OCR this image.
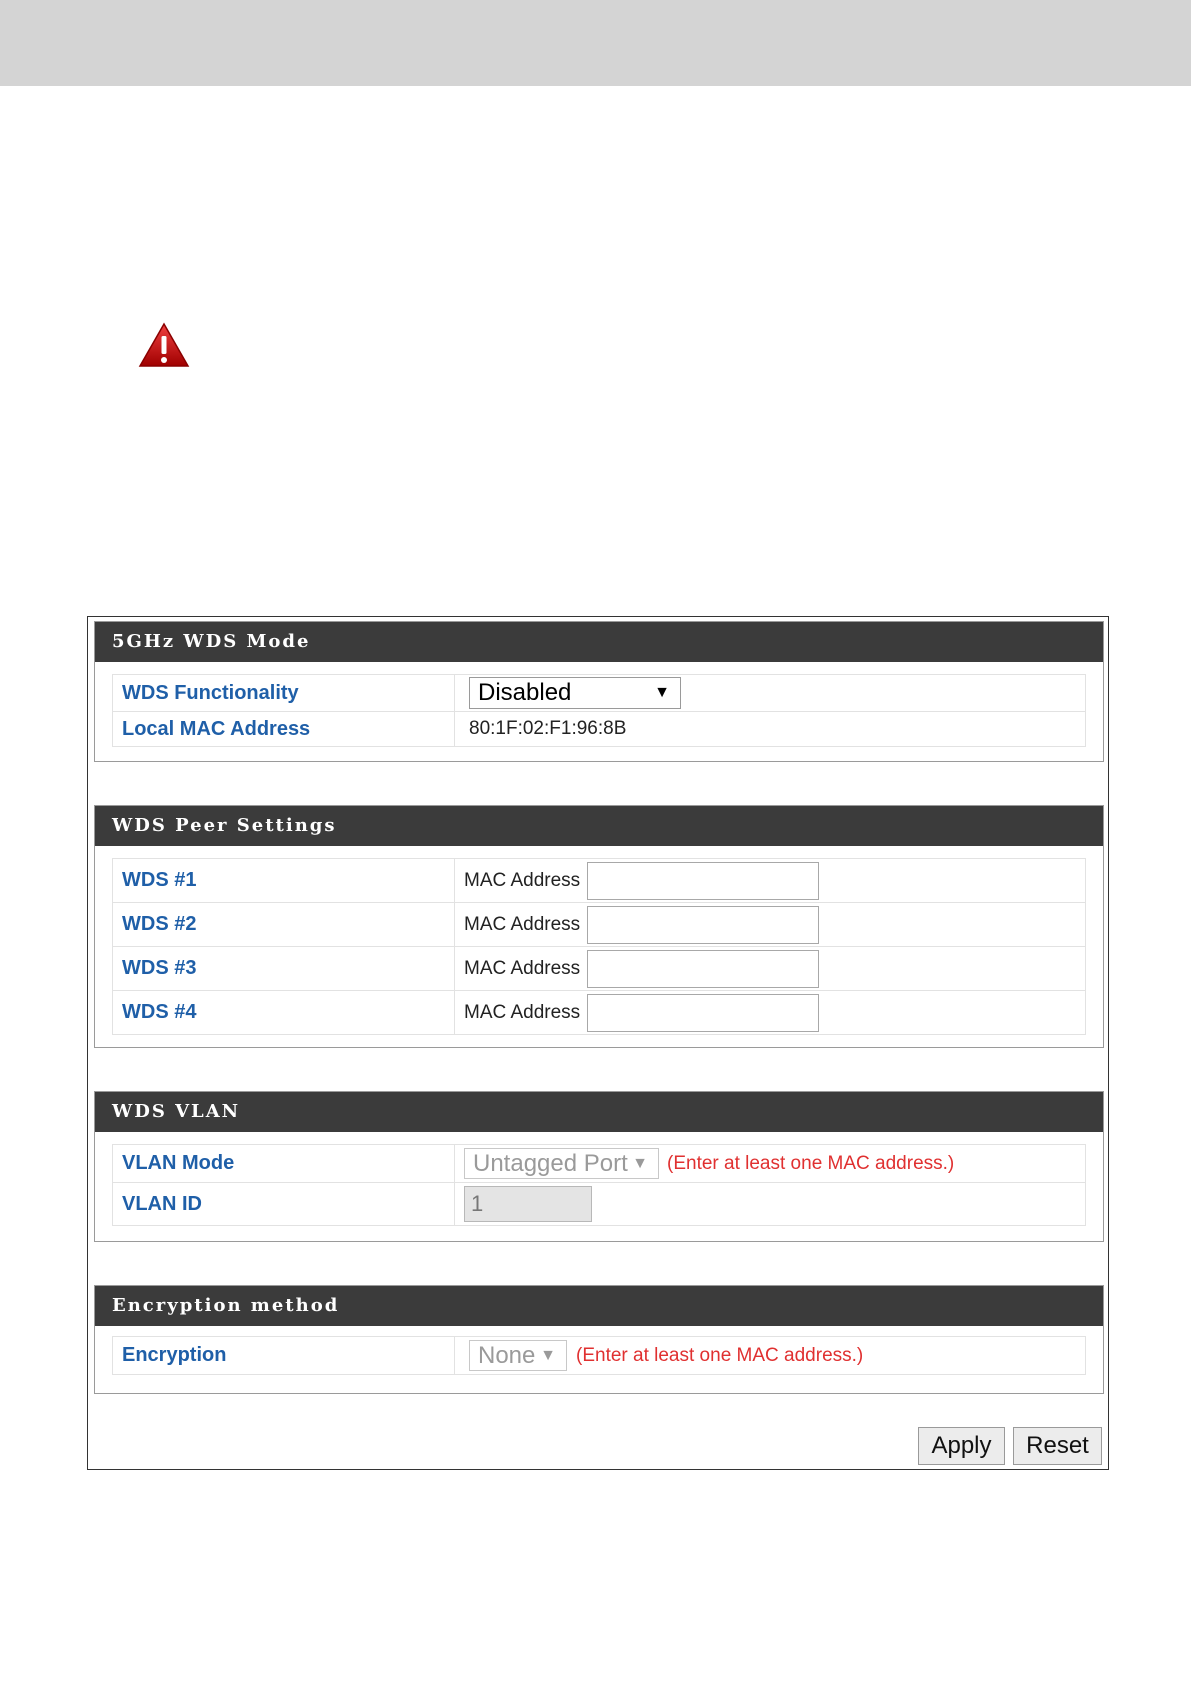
5GHz WDS Mode
WDS Functionality	Disabled	▼
Local MAC Address	80:1F:02:F1:96:8B
WDS Peer Settings
WDS #1	MAC Address
WDS #2	MAC Address
WDS #3	MAC Address
WDS #4	MAC Address
WDS VLAN
VLAN Mode	Untagged Port ▼	(Enter at least one MAC address.)
VLAN ID	1
Encryption method
Encryption	None ▼	(Enter at least one MAC address.)
Apply	Reset
